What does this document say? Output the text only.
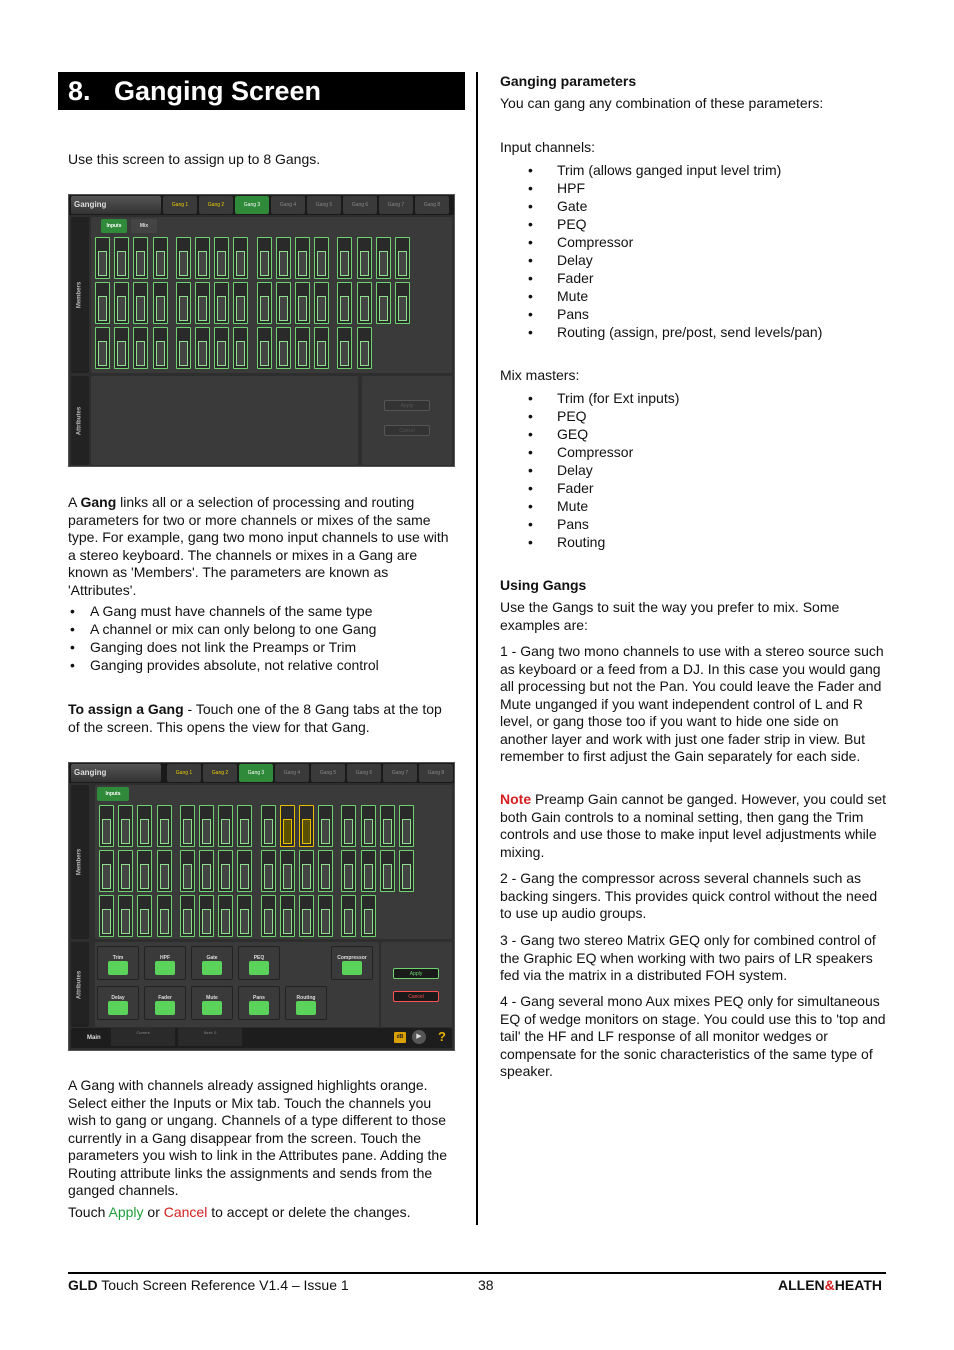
8. Ganging Screen

Use this screen to assign up to 8 Gangs.

Ganging	Gang 1	Gang 2	Gang 3	Gang 4	Gang 5	Gang 6	Gang 7	Gang 8
Members
Inputs	Mix
Attributes
Apply
Cancel

A Gang links all or a selection of processing and routing parameters for two or more channels or mixes of the same type. For example, gang two mono input channels to use with a stereo keyboard. The channels or mixes in a Gang are known as 'Members'. The parameters are known as 'Attributes'.

• A Gang must have channels of the same type
• A channel or mix can only belong to one Gang
• Ganging does not link the Preamps or Trim
• Ganging provides absolute, not relative control

To assign a Gang - Touch one of the 8 Gang tabs at the top of the screen. This opens the view for that Gang.

Ganging	Gang 1	Gang 2	Gang 3	Gang 4	Gang 5	Gang 6	Gang 7	Gang 8
Members
Inputs
Attributes
Trim	HPF	Gate	PEQ	Compressor
Delay	Fader	Mute	Pans	Routing
Apply
Cancel
Main
Current	Next: 0
dB	▶	?

A Gang with channels already assigned highlights orange. Select either the Inputs or Mix tab. Touch the channels you wish to gang or ungang. Channels of a type different to those currently in a Gang disappear from the screen. Touch the parameters you wish to link in the Attributes pane. Adding the Routing attribute links the assignments and sends from the ganged channels.

Touch Apply or Cancel to accept or delete the changes.

Ganging parameters

You can gang any combination of these parameters:

Input channels:

• Trim (allows ganged input level trim)
• HPF
• Gate
• PEQ
• Compressor
• Delay
• Fader
• Mute
• Pans
• Routing (assign, pre/post, send levels/pan)

Mix masters:

• Trim (for Ext inputs)
• PEQ
• GEQ
• Compressor
• Delay
• Fader
• Mute
• Pans
• Routing

Using Gangs

Use the Gangs to suit the way you prefer to mix. Some examples are:

1 - Gang two mono channels to use with a stereo source such as keyboard or a feed from a DJ. In this case you would gang all processing but not the Pan. You could leave the Fader and Mute unganged if you want independent control of L and R level, or gang those too if you want to hide one side on another layer and work with just one fader strip in view. But remember to first adjust the Gain separately for each side.

Note Preamp Gain cannot be ganged. However, you could set both Gain controls to a nominal setting, then gang the Trim controls and use those to make input level adjustments while mixing.

2 - Gang the compressor across several channels such as backing singers. This provides quick control without the need to use up audio groups.

3 - Gang two stereo Matrix GEQ only for combined control of the Graphic EQ when working with two pairs of LR speakers fed via the matrix in a distributed FOH system.

4 - Gang several mono Aux mixes PEQ only for simultaneous EQ of wedge monitors on stage. You could use this to 'top and tail' the HF and LF response of all monitor wedges or compensate for the sonic characteristics of the same type of speaker.

GLD Touch Screen Reference V1.4 – Issue 1	38	ALLEN&HEATH
